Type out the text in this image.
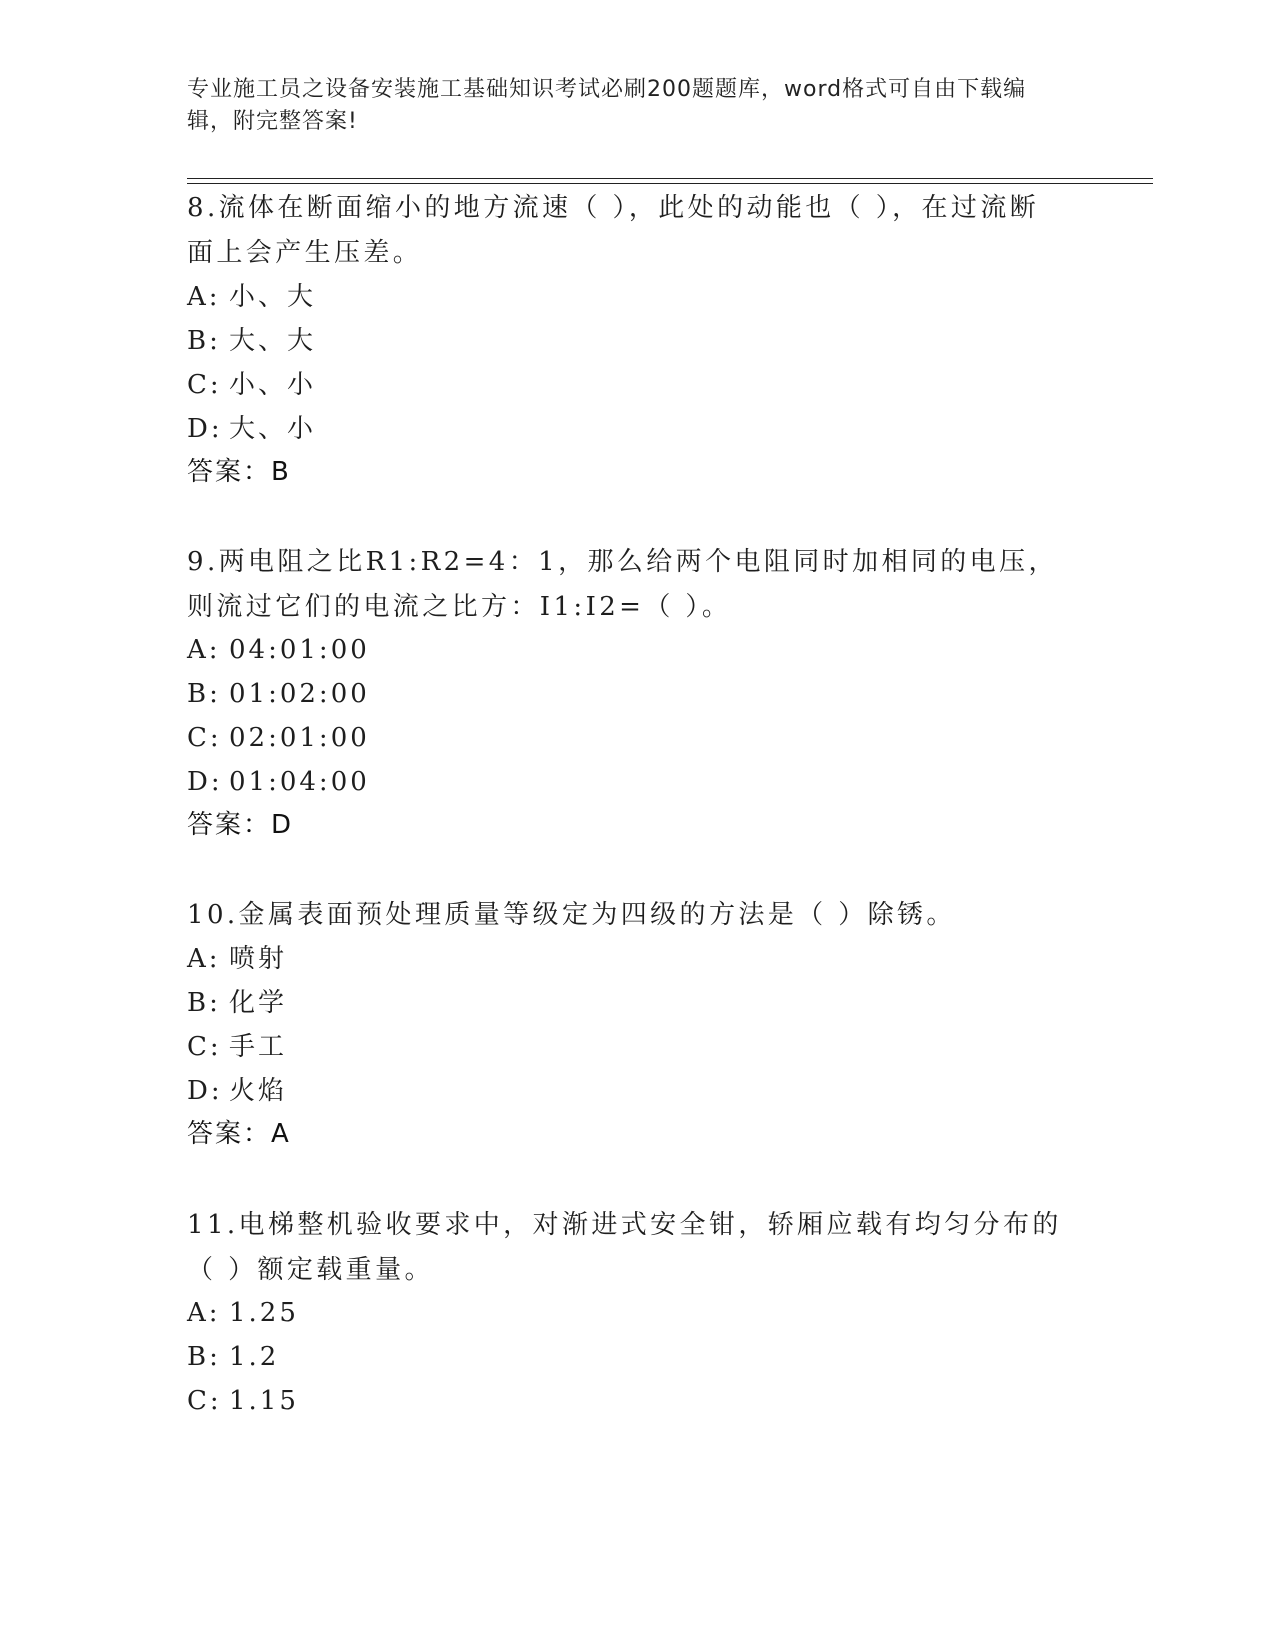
专业施工员之设备安装施工基础知识考试必刷200题题库，word格式可自由下载编辑，附完整答案!
8.流体在断面缩小的地方流速（ ），此处的动能也（ ），在过流断面上会产生压差。
A: 小、大
B: 大、大
C: 小、小
D: 大、小
答案：B
9.两电阻之比R1:R2=4：1，那么给两个电阻同时加相同的电压，则流过它们的电流之比方：I1:I2=（ ）。
A: 04:01:00
B: 01:02:00
C: 02:01:00
D: 01:04:00
答案：D
10.金属表面预处理质量等级定为四级的方法是（ ）除锈。
A: 喷射
B: 化学
C: 手工
D: 火焰
答案：A
11.电梯整机验收要求中，对渐进式安全钳，轿厢应载有均匀分布的（ ）额定载重量。
A: 1.25
B: 1.2
C: 1.15
